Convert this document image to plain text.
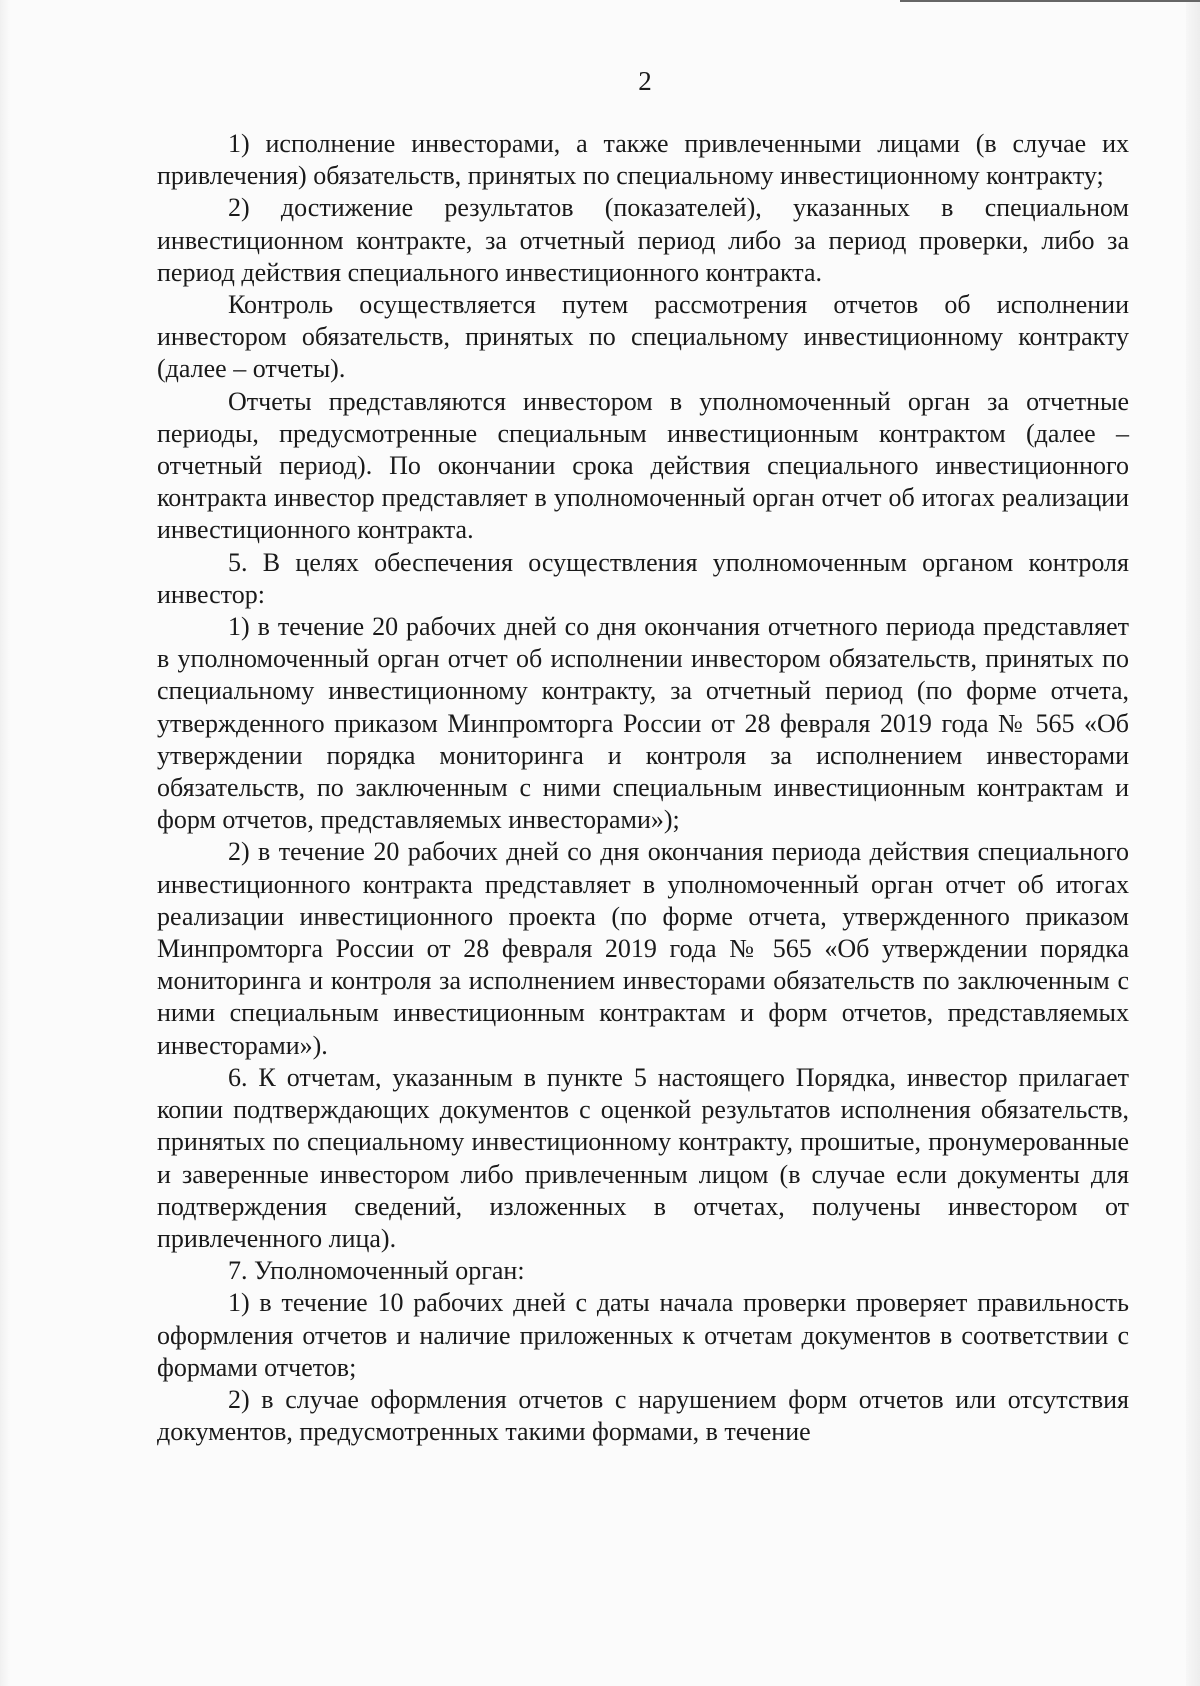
2

1) исполнение инвесторами, а также привлеченными лицами (в случае их привлечения) обязательств, принятых по специальному инвестиционному контракту;

2) достижение результатов (показателей), указанных в специальном инвестиционном контракте, за отчетный период либо за период проверки, либо за период действия специального инвестиционного контракта.

Контроль осуществляется путем рассмотрения отчетов об исполнении инвестором обязательств, принятых по специальному инвестиционному контракту (далее – отчеты).

Отчеты представляются инвестором в уполномоченный орган за отчетные периоды, предусмотренные специальным инвестиционным контрактом (далее – отчетный период). По окончании срока действия специального инвестиционного контракта инвестор представляет в уполномоченный орган отчет об итогах реализации инвестиционного контракта.

5. В целях обеспечения осуществления уполномоченным органом контроля инвестор:

1) в течение 20 рабочих дней со дня окончания отчетного периода представляет в уполномоченный орган отчет об исполнении инвестором обязательств, принятых по специальному инвестиционному контракту, за отчетный период (по форме отчета, утвержденного приказом Минпромторга России от 28 февраля 2019 года № 565 «Об утверждении порядка мониторинга и контроля за исполнением инвесторами обязательств, по заключенным с ними специальным инвестиционным контрактам и форм отчетов, представляемых инвесторами»);

2) в течение 20 рабочих дней со дня окончания периода действия специального инвестиционного контракта представляет в уполномоченный орган отчет об итогах реализации инвестиционного проекта (по форме отчета, утвержденного приказом Минпромторга России от 28 февраля 2019 года № 565 «Об утверждении порядка мониторинга и контроля за исполнением инвесторами обязательств по заключенным с ними специальным инвестиционным контрактам и форм отчетов, представляемых инвесторами»).

6. К отчетам, указанным в пункте 5 настоящего Порядка, инвестор прилагает копии подтверждающих документов с оценкой результатов исполнения обязательств, принятых по специальному инвестиционному контракту, прошитые, пронумерованные и заверенные инвестором либо привлеченным лицом (в случае если документы для подтверждения сведений, изложенных в отчетах, получены инвестором от привлеченного лица).

7. Уполномоченный орган:

1) в течение 10 рабочих дней с даты начала проверки проверяет правильность оформления отчетов и наличие приложенных к отчетам документов в соответствии с формами отчетов;

2) в случае оформления отчетов с нарушением форм отчетов или отсутствия документов, предусмотренных такими формами, в течение
